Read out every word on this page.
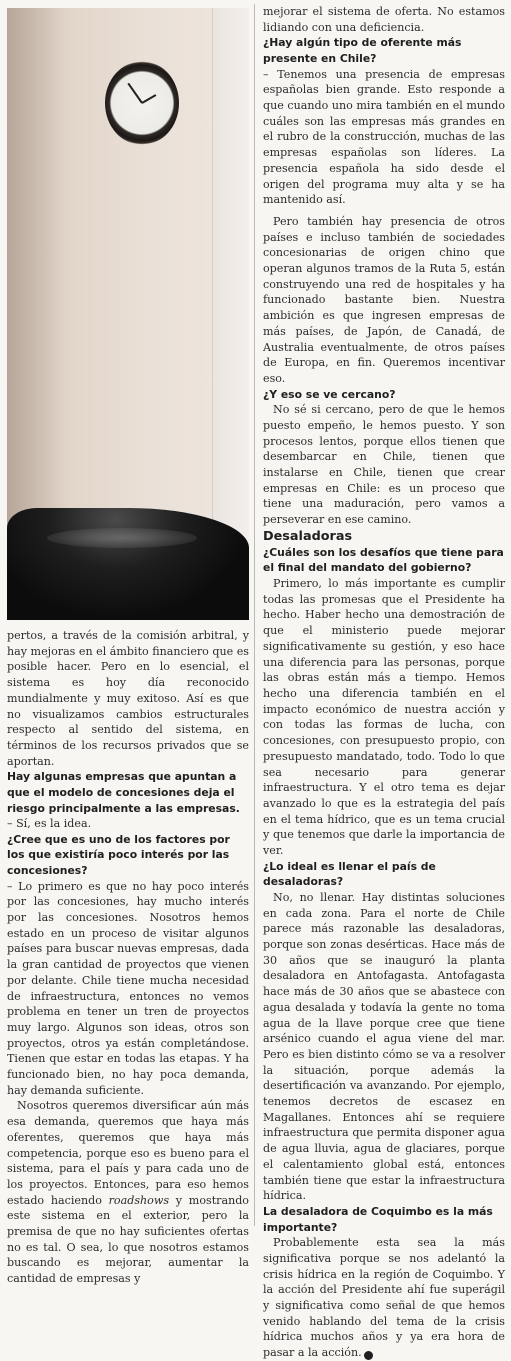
pertos, a través de la comisión arbitral, y hay mejoras en el ámbito financiero que es posible hacer. Pero en lo esencial, el sistema es hoy día reconocido mundialmente y muy exitoso. Así es que no visualizamos cambios estructurales respecto al sentido del sistema, en términos de los recursos privados que se aportan.

Hay algunas empresas que apuntan a que el modelo de concesiones deja el riesgo principalmente a las empresas.

– Sí, es la idea.

¿Cree que es uno de los factores por los que existiría poco interés por las concesiones?

– Lo primero es que no hay poco interés por las concesiones, hay mucho interés por las concesiones. Nosotros hemos estado en un proceso de visitar algunos países para buscar nuevas empresas, dada la gran cantidad de proyectos que vienen por delante. Chile tiene mucha necesidad de infraestructura, entonces no vemos problema en tener un tren de proyectos muy largo. Algunos son ideas, otros son proyectos, otros ya están completándose. Tienen que estar en todas las etapas. Y ha funcionado bien, no hay poca demanda, hay demanda suficiente.

Nosotros queremos diversificar aún más esa demanda, queremos que haya más oferentes, queremos que haya más competencia, porque eso es bueno para el sistema, para el país y para cada uno de los proyectos. Entonces, para eso hemos estado haciendo roadshows y mostrando este sistema en el exterior, pero la premisa de que no hay suficientes ofertas no es tal. O sea, lo que nosotros estamos buscando es mejorar, aumentar la cantidad de empresas y

mejorar el sistema de oferta. No estamos lidiando con una deficiencia.

¿Hay algún tipo de oferente más presente en Chile?

– Tenemos una presencia de empresas españolas bien grande. Esto responde a que cuando uno mira también en el mundo cuáles son las empresas más grandes en el rubro de la construcción, muchas de las empresas españolas son líderes. La presencia española ha sido desde el origen del programa muy alta y se ha mantenido así.

Pero también hay presencia de otros países e incluso también de sociedades concesionarias de origen chino que operan algunos tramos de la Ruta 5, están construyendo una red de hospitales y ha funcionado bastante bien. Nuestra ambición es que ingresen empresas de más países, de Japón, de Canadá, de Australia eventualmente, de otros países de Europa, en fin. Queremos incentivar eso.

¿Y eso se ve cercano?

No sé si cercano, pero de que le hemos puesto empeño, le hemos puesto. Y son procesos lentos, porque ellos tienen que desembarcar en Chile, tienen que instalarse en Chile, tienen que crear empresas en Chile: es un proceso que tiene una maduración, pero vamos a perseverar en ese camino.

Desaladoras

¿Cuáles son los desafíos que tiene para el final del mandato del gobierno?

Primero, lo más importante es cumplir todas las promesas que el Presidente ha hecho. Haber hecho una demostración de que el ministerio puede mejorar significativamente su gestión, y eso hace una diferencia para las personas, porque las obras están más a tiempo. Hemos hecho una diferencia también en el impacto económico de nuestra acción y con todas las formas de lucha, con concesiones, con presupuesto propio, con presupuesto mandatado, todo. Todo lo que sea necesario para generar infraestructura. Y el otro tema es dejar avanzado lo que es la estrategia del país en el tema hídrico, que es un tema crucial y que tenemos que darle la importancia de ver.

¿Lo ideal es llenar el país de desaladoras?

No, no llenar. Hay distintas soluciones en cada zona. Para el norte de Chile parece más razonable las desaladoras, porque son zonas desérticas. Hace más de 30 años que se inauguró la planta desaladora en Antofagasta. Antofagasta hace más de 30 años que se abastece con agua desalada y todavía la gente no toma agua de la llave porque cree que tiene arsénico cuando el agua viene del mar. Pero es bien distinto cómo se va a resolver la situación, porque además la desertificación va avanzando. Por ejemplo, tenemos decretos de escasez en Magallanes. Entonces ahí se requiere infraestructura que permita disponer agua de agua lluvia, agua de glaciares, porque el calentamiento global está, entonces también tiene que estar la infraestructura hídrica.

La desaladora de Coquimbo es la más importante?

Probablemente esta sea la más significativa porque se nos adelantó la crisis hídrica en la región de Coquimbo. Y la acción del Presidente ahí fue superágil y significativa como señal de que hemos venido hablando del tema de la crisis hídrica muchos años y ya era hora de pasar a la acción. P
